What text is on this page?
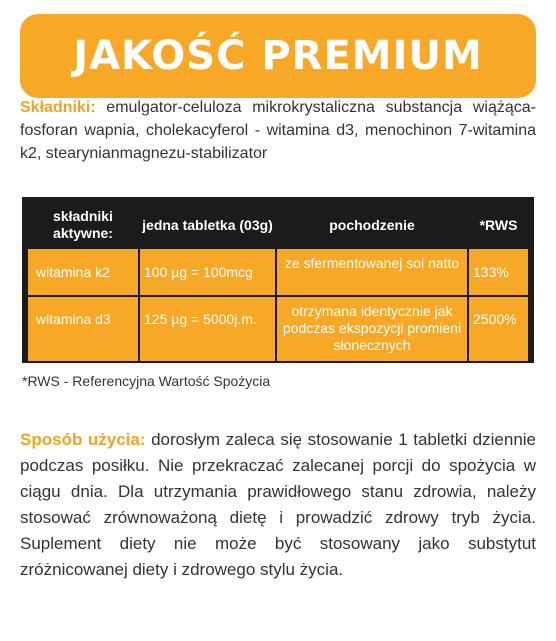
JAKOŚĆ PREMIUM

Składniki: emulgator-celuloza mikrokrystaliczna substancja wiążąca-fosforan wapnia, cholekacyferol - witamina d3, menochinon 7-witamina k2, stearynianmagnezu-stabilizator

składniki aktywne:	jedna tabletka (03g)	pochodzenie	*RWS
witamina k2	100 µg = 100mcg	ze sfermentowanej soi natto	133%
witamina d3	125 µg = 5000j.m.	otrzymana identycznie jak podczas ekspozycji promieni słonecznych	2500%
*RWS - Referencyjna Wartość Spożycia

Sposób użycia: dorosłym zaleca się stosowanie 1 tabletki dziennie podczas posiłku. Nie przekraczać zalecanej porcji do spożycia w ciągu dnia. Dla utrzymania prawidłowego stanu zdrowia, należy stosować zrównoważoną dietę i prowadzić zdrowy tryb życia. Suplement diety nie może być stosowany jako substytut zróżnicowanej diety i zdrowego stylu życia.
